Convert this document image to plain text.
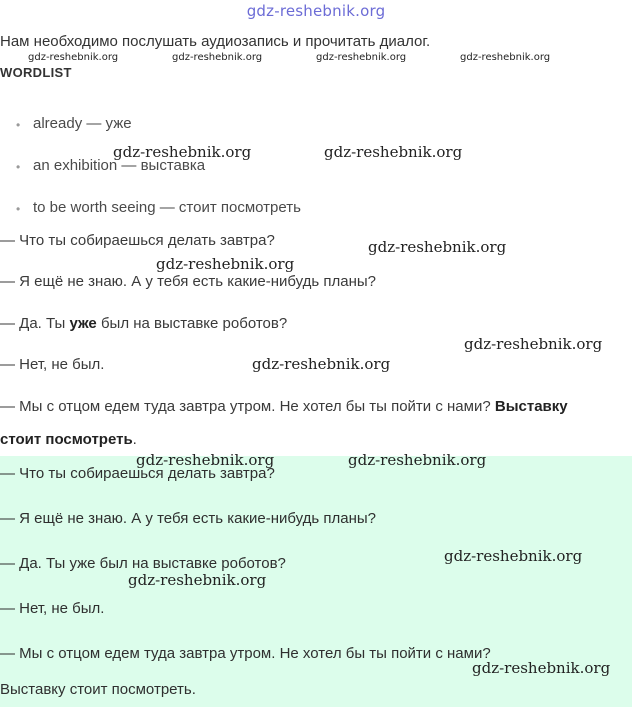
gdz-reshebnik.org
Нам необходимо послушать аудиозапись и прочитать диалог.
gdz-reshebnik.org	gdz-reshebnik.org	gdz-reshebnik.org	gdz-reshebnik.org
WORDLIST
• already — уже
• an exhibition — выставка
• to be worth seeing — стоит посмотреть
gdz-reshebnik.org	gdz-reshebnik.org
— Что ты собираешься делать завтра?	gdz-reshebnik.org
gdz-reshebnik.org
— Я ещё не знаю. А у тебя есть какие-нибудь планы?
— Да. Ты уже был на выставке роботов?
gdz-reshebnik.org
— Нет, не был.	gdz-reshebnik.org
— Мы с отцом едем туда завтра утром. Не хотел бы ты пойти с нами? Выставку
стоит посмотреть.
— Что ты собираешься делать завтра?
gdz-reshebnik.org	gdz-reshebnik.org
— Я ещё не знаю. А у тебя есть какие-нибудь планы?
— Да. Ты уже был на выставке роботов?	gdz-reshebnik.org
gdz-reshebnik.org
— Нет, не был.
— Мы с отцом едем туда завтра утром. Не хотел бы ты пойти с нами?
gdz-reshebnik.org
Выставку стоит посмотреть.
